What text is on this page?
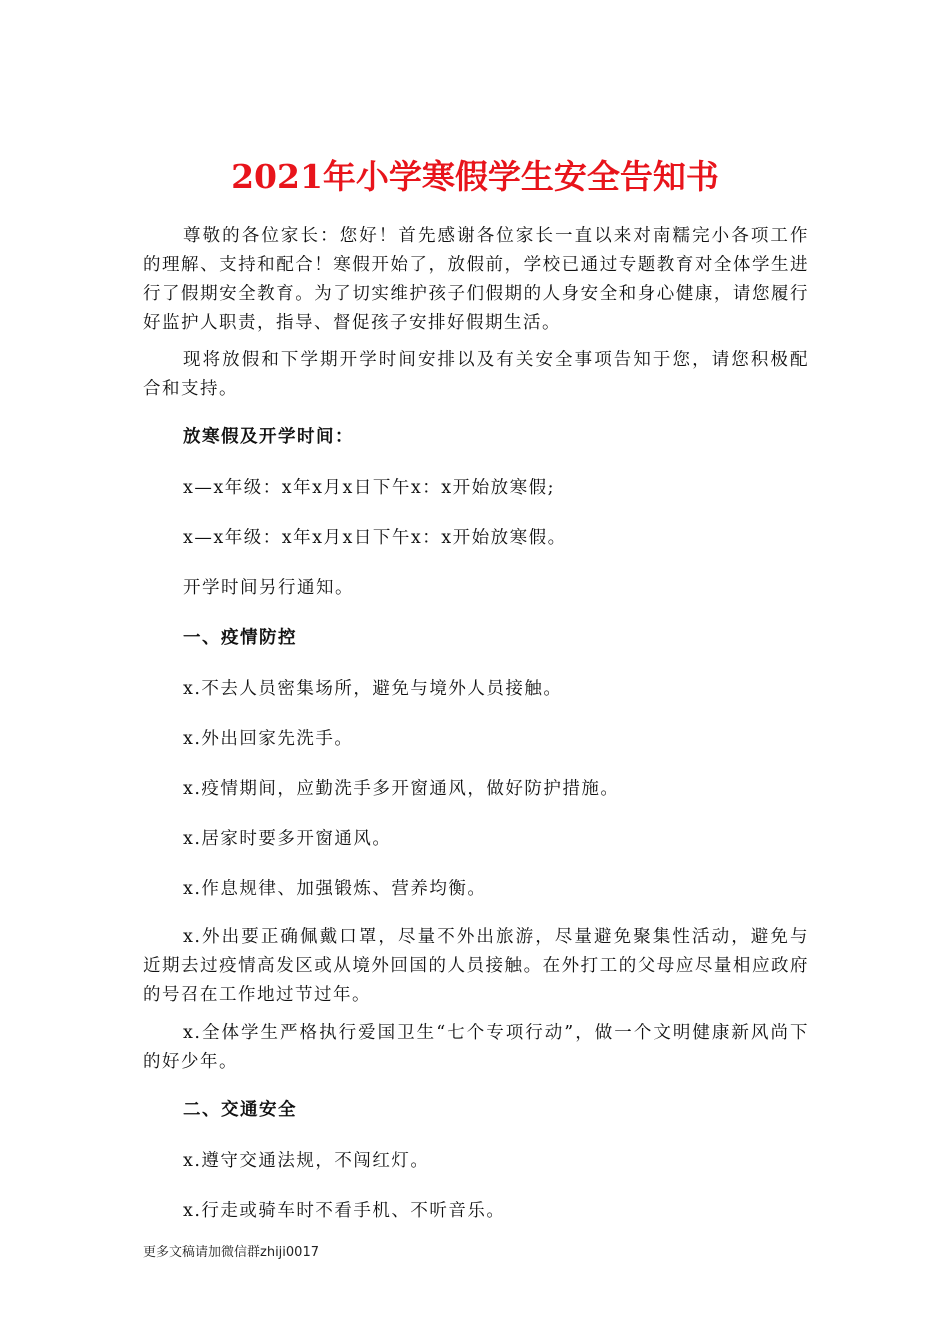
2021年小学寒假学生安全告知书

尊敬的各位家长：您好！首先感谢各位家长一直以来对南糯完小各项工作的理解、支持和配合！寒假开始了，放假前，学校已通过专题教育对全体学生进行了假期安全教育。为了切实维护孩子们假期的人身安全和身心健康，请您履行好监护人职责，指导、督促孩子安排好假期生活。

现将放假和下学期开学时间安排以及有关安全事项告知于您，请您积极配合和支持。

放寒假及开学时间：

x—x年级：x年x月x日下午x：x开始放寒假;

x—x年级：x年x月x日下午x：x开始放寒假。

开学时间另行通知。

一、疫情防控

x.不去人员密集场所，避免与境外人员接触。

x.外出回家先洗手。

x.疫情期间，应勤洗手多开窗通风，做好防护措施。

x.居家时要多开窗通风。

x.作息规律、加强锻炼、营养均衡。

x.外出要正确佩戴口罩，尽量不外出旅游，尽量避免聚集性活动，避免与近期去过疫情高发区或从境外回国的人员接触。在外打工的父母应尽量相应政府的号召在工作地过节过年。

x.全体学生严格执行爱国卫生“七个专项行动”，做一个文明健康新风尚下的好少年。

二、交通安全

x.遵守交通法规，不闯红灯。

x.行走或骑车时不看手机、不听音乐。

更多文稿请加微信群zhiji0017
